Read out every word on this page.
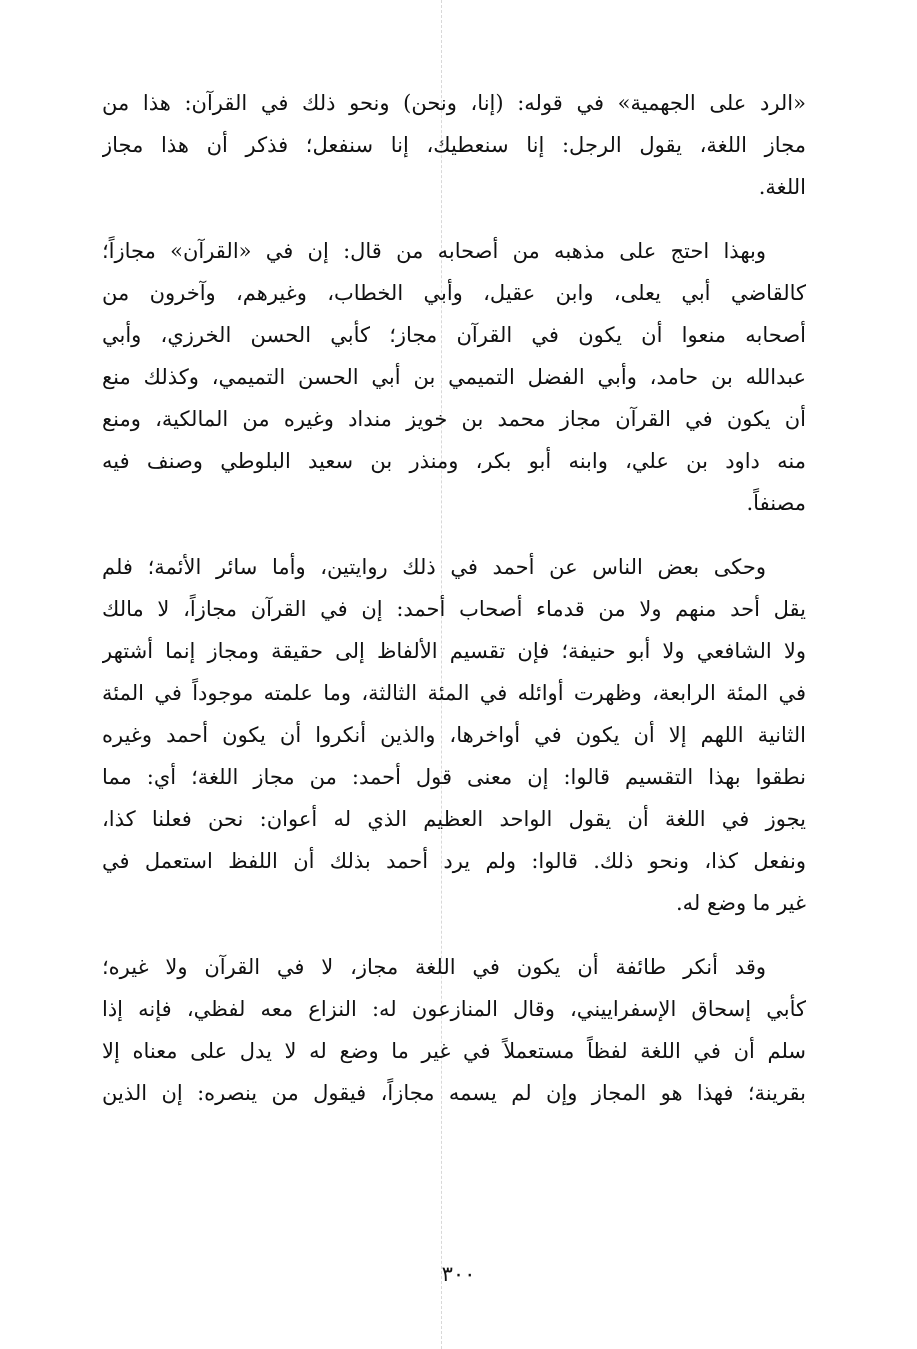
«الرد على الجهمية» في قوله: (إنا، ونحن) ونحو ذلك في القرآن: هذا من
مجاز اللغة، يقول الرجل: إنا سنعطيك، إنا سنفعل؛ فذكر أن هذا مجاز
اللغة.
وبهذا احتج على مذهبه من أصحابه من قال: إن في «القرآن» مجازاً؛
كالقاضي أبي يعلى، وابن عقيل، وأبي الخطاب، وغيرهم، وآخرون من
أصحابه منعوا أن يكون في القرآن مجاز؛ كأبي الحسن الخرزي، وأبي
عبدالله بن حامد، وأبي الفضل التميمي بن أبي الحسن التميمي، وكذلك منع
أن يكون في القرآن مجاز محمد بن خويز منداد وغيره من المالكية، ومنع
منه داود بن علي، وابنه أبو بكر، ومنذر بن سعيد البلوطي وصنف فيه
مصنفاً.
وحكى بعض الناس عن أحمد في ذلك روايتين، وأما سائر الأئمة؛ فلم
يقل أحد منهم ولا من قدماء أصحاب أحمد: إن في القرآن مجازاً، لا مالك
ولا الشافعي ولا أبو حنيفة؛ فإن تقسيم الألفاظ إلى حقيقة ومجاز إنما أشتهر
في المئة الرابعة، وظهرت أوائله في المئة الثالثة، وما علمته موجوداً في المئة
الثانية اللهم إلا أن يكون في أواخرها، والذين أنكروا أن يكون أحمد وغيره
نطقوا بهذا التقسيم قالوا: إن معنى قول أحمد: من مجاز اللغة؛ أي: مما
يجوز في اللغة أن يقول الواحد العظيم الذي له أعوان: نحن فعلنا كذا،
ونفعل كذا، ونحو ذلك. قالوا: ولم يرد أحمد بذلك أن اللفظ استعمل في
غير ما وضع له.
وقد أنكر طائفة أن يكون في اللغة مجاز، لا في القرآن ولا غيره؛
كأبي إسحاق الإسفراييني، وقال المنازعون له: النزاع معه لفظي، فإنه إذا
سلم أن في اللغة لفظاً مستعملاً في غير ما وضع له لا يدل على معناه إلا
بقرينة؛ فهذا هو المجاز وإن لم يسمه مجازاً، فيقول من ينصره: إن الذين
٣٠٠
